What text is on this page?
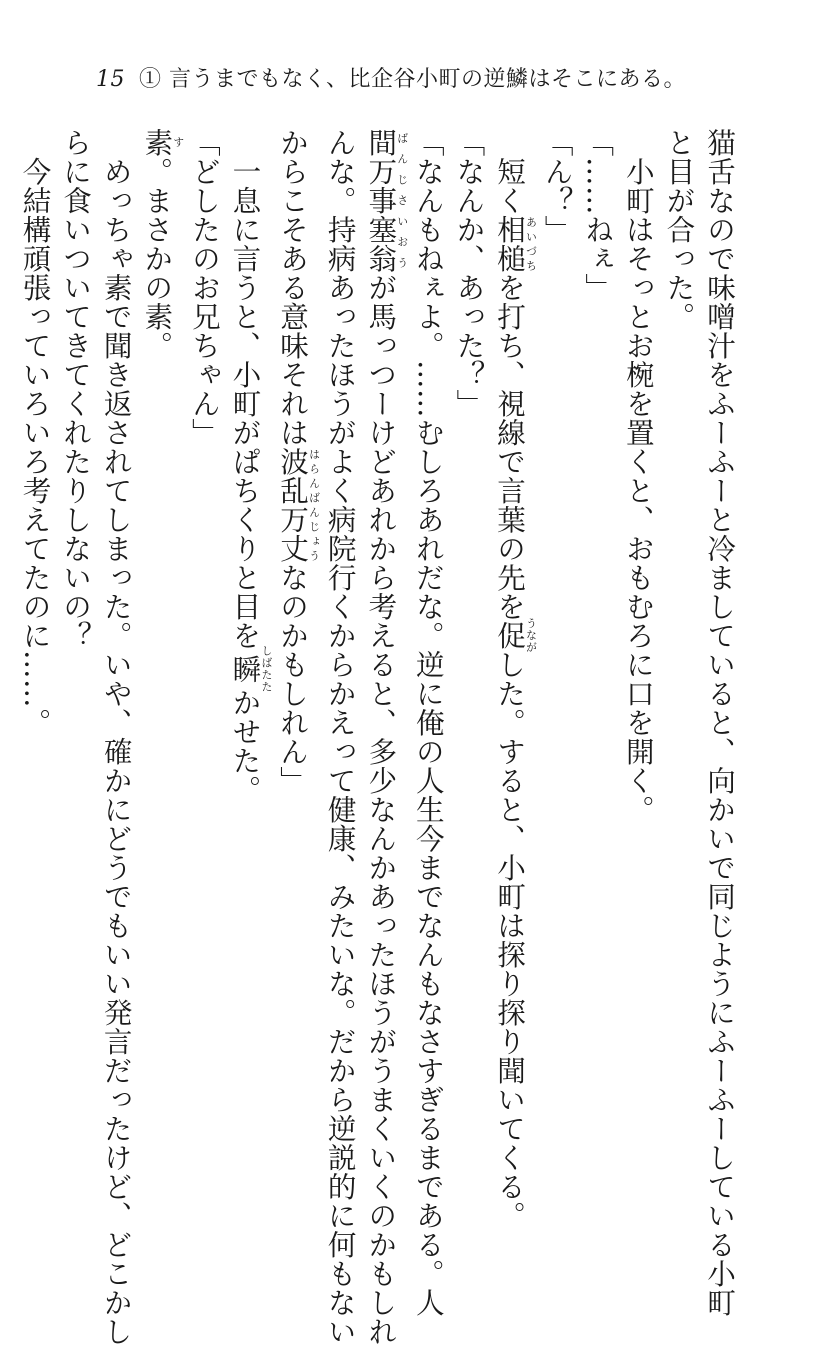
15 ① 言うまでもなく、比企谷小町の逆鱗はそこにある。

猫舌なので味噌汁をふーふーと冷ましていると、向かいで同じようにふーふーしている小町

と目が合った。

　小町はそっとお椀を置くと、おもむろに口を開く。

「……ねぇ」

「ん？」

　短く相槌あいづちを打ち、視線で言葉の先を促うながした。すると、小町は探り探り聞いてくる。

「なんか、あった？」

「なんもねぇよ。……むしろあれだな。逆に俺の人生今までなんもなさすぎるまである。人

間万事塞翁ばんじさいおうが馬っつーけどあれから考えると、多少なんかあったほうがうまくいくのかもしれ

んな。持病あったほうがよく病院行くからかえって健康、みたいな。だから逆説的に何もない

からこそある意味それは波乱万丈はらんばんじょうなのかもしれん」

　一息に言うと、小町がぱちくりと目を瞬しばたたかせた。

「どしたのお兄ちゃん」

素す。まさかの素。

　めっちゃ素で聞き返されてしまった。いや、確かにどうでもいい発言だったけど、どこかし

らに食いついてきてくれたりしないの？

　今結構頑張っていろいろ考えてたのに……。
